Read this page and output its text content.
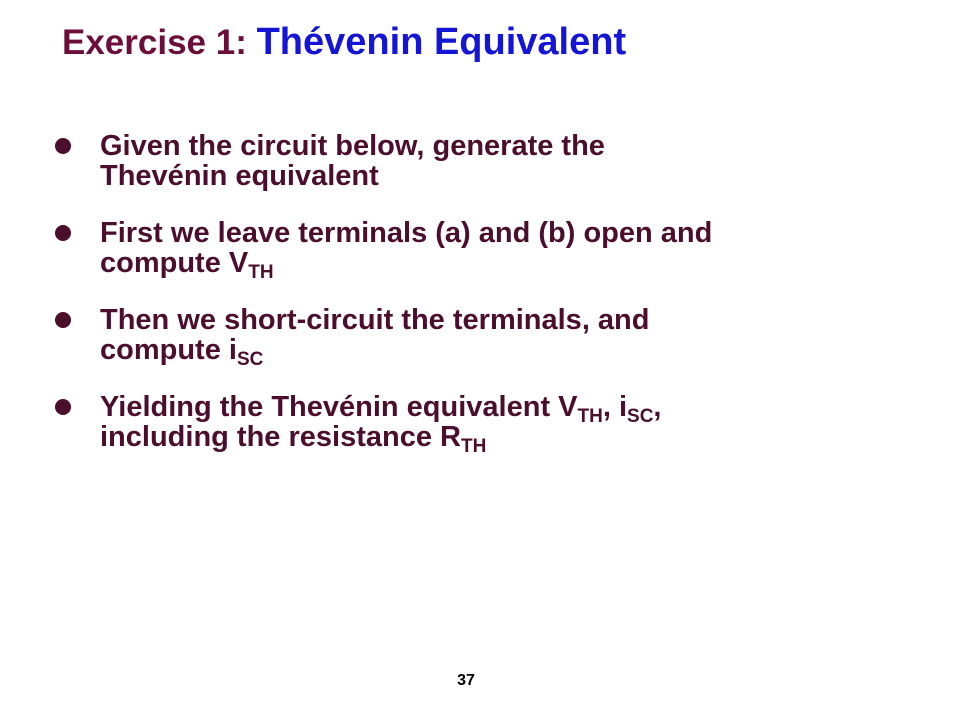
Exercise 1: Thévenin Equivalent
Given the circuit below, generate the
Thevénin equivalent
First we leave terminals (a) and (b) open and
compute $V_{TH}$
Then we short-circuit the terminals, and
compute $i_{SC}$
Yielding the Thevénin equivalent $V_{TH}$, $i_{SC}$,
including the resistance $R_{TH}$
37
